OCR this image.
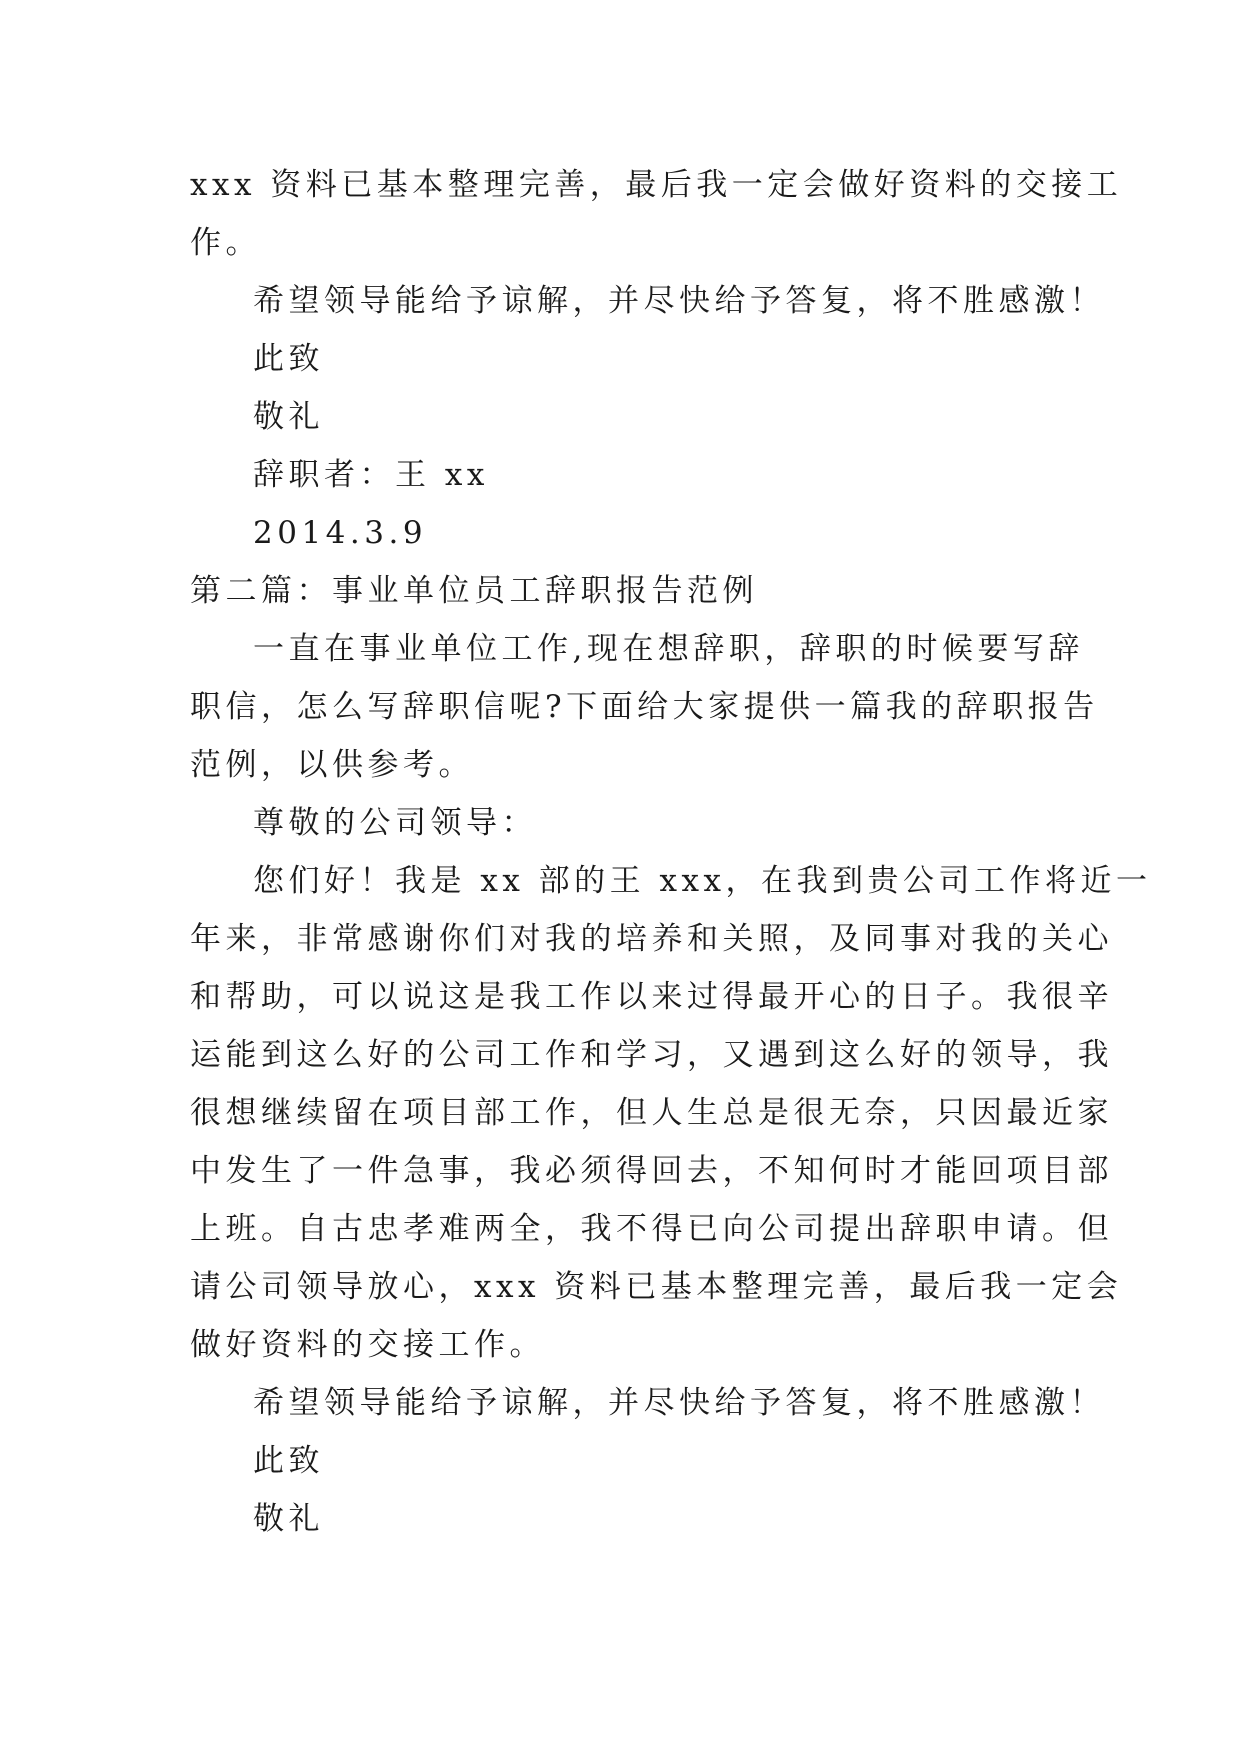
xxx 资料已基本整理完善，最后我一定会做好资料的交接工
作。
希望领导能给予谅解，并尽快给予答复，将不胜感激！
此致
敬礼
辞职者：王 xx
2014.3.9
第二篇：事业单位员工辞职报告范例
一直在事业单位工作,现在想辞职，辞职的时候要写辞
职信，怎么写辞职信呢?下面给大家提供一篇我的辞职报告
范例，以供参考。
尊敬的公司领导：
您们好！我是 xx 部的王 xxx，在我到贵公司工作将近一
年来，非常感谢你们对我的培养和关照，及同事对我的关心
和帮助，可以说这是我工作以来过得最开心的日子。我很辛
运能到这么好的公司工作和学习，又遇到这么好的领导，我
很想继续留在项目部工作，但人生总是很无奈，只因最近家
中发生了一件急事，我必须得回去，不知何时才能回项目部
上班。自古忠孝难两全，我不得已向公司提出辞职申请。但
请公司领导放心，xxx 资料已基本整理完善，最后我一定会
做好资料的交接工作。
希望领导能给予谅解，并尽快给予答复，将不胜感激！
此致
敬礼
